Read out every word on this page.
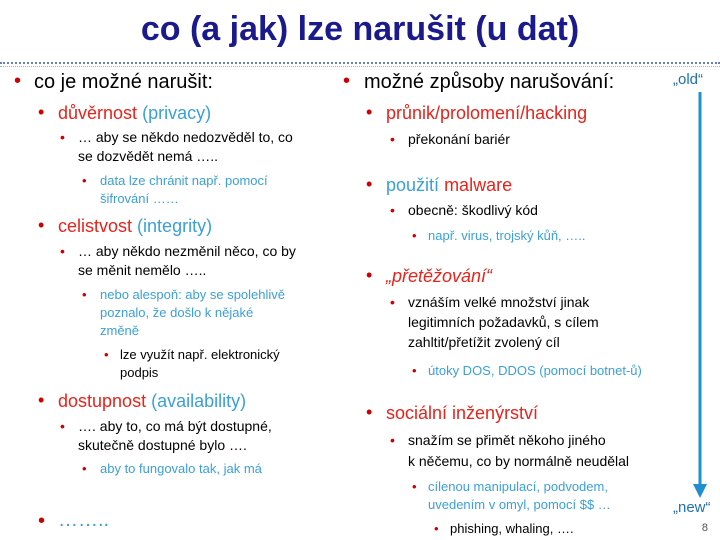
co (a jak) lze narušit (u dat)
• co je možné narušit:
• důvěrnost (privacy)
• … aby se někdo nedozvěděl to, co
se dozvědět nemá …..
• data lze chránit např. pomocí
šifrování ……
• celistvost (integrity)
• … aby někdo nezměnil něco, co by
se měnit nemělo …..
• nebo alespoň: aby se spolehlivě
poznalo, že došlo k nějaké
změně
• lze využít např. elektronický
podpis
• dostupnost (availability)
• …. aby to, co má být dostupné,
skutečně dostupné bylo ….
• aby to fungovalo tak, jak má
• ……..
• možné způsoby narušování:
• průnik/prolomení/hacking
• překonání bariér
• použití malware
• obecně: škodlivý kód
• např. virus, trojský kůň, …..
• „přetěžování“
• vznáším velké množství jinak
legitimních požadavků, s cílem
zahltit/přetížit zvolený cíl
• útoky DOS, DDOS (pomocí botnet-ů)
• sociální inženýrství
• snažím se přimět někoho jiného
k něčemu, co by normálně neudělal
• cílenou manipulací, podvodem,
uvedením v omyl, pomocí $$ …
• phishing, whaling, ….
„old“
„new“
8
